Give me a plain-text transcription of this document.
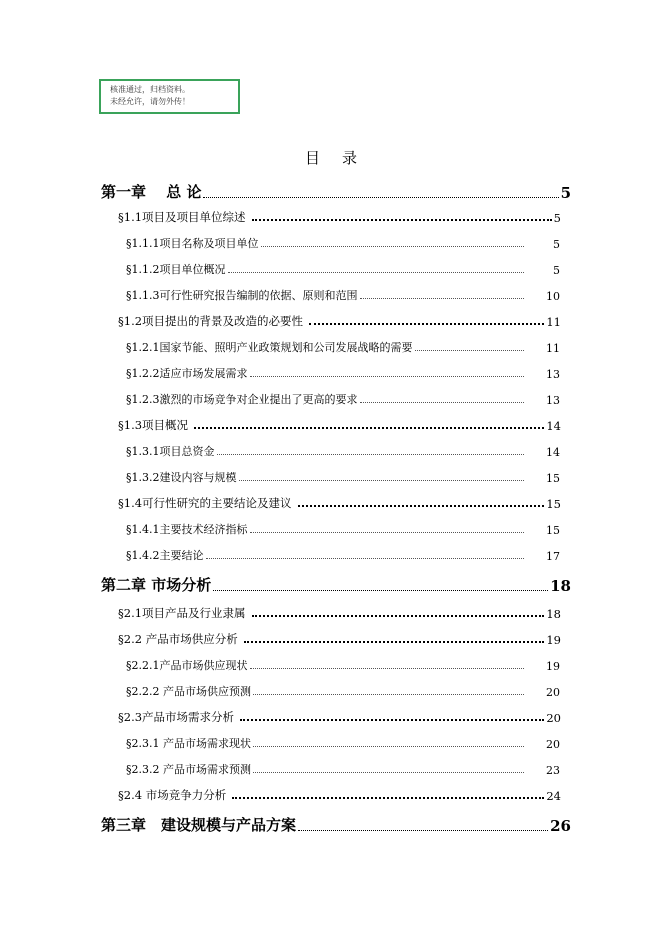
核准通过，归档资料。
未经允许，请勿外传！
目 录
第一章　 总 论	5
§1.1项目及项目单位综述	5
§1.1.1项目名称及项目单位	5
§1.1.2项目单位概况	5
§1.1.3可行性研究报告编制的依据、原则和范围	10
§1.2项目提出的背景及改造的必要性	11
§1.2.1国家节能、照明产业政策规划和公司发展战略的需要	11
§1.2.2适应市场发展需求	13
§1.2.3激烈的市场竞争对企业提出了更高的要求	13
§1.3项目概况	14
§1.3.1项目总资金	14
§1.3.2建设内容与规模	15
§1.4可行性研究的主要结论及建议	15
§1.4.1主要技术经济指标	15
§1.4.2主要结论	17
第二章 市场分析	18
§2.1项目产品及行业隶属	18
§2.2 产品市场供应分析	19
§2.2.1产品市场供应现状	19
§2.2.2 产品市场供应预测	20
§2.3产品市场需求分析	20
§2.3.1 产品市场需求现状	20
§2.3.2 产品市场需求预测	23
§2.4 市场竞争力分析	24
第三章　建设规模与产品方案	26
